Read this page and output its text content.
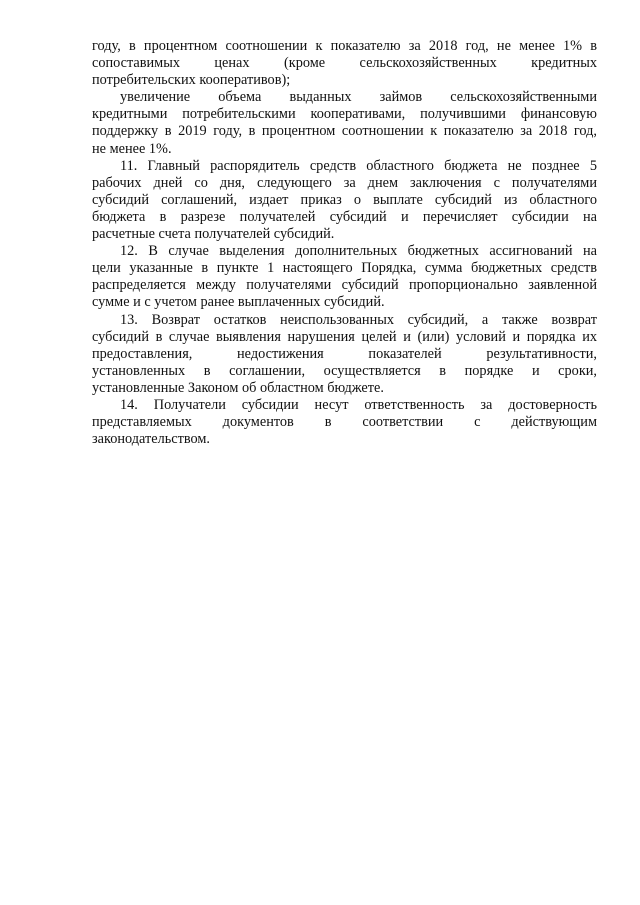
году, в процентном соотношении к показателю за 2018 год, не менее 1% в
сопоставимых ценах (кроме сельскохозяйственных кредитных
потребительских кооперативов);
увеличение объема выданных займов сельскохозяйственными
кредитными потребительскими кооперативами, получившими финансовую
поддержку в 2019 году, в процентном соотношении к показателю за 2018 год,
не менее 1%.
11. Главный распорядитель средств областного бюджета не позднее 5
рабочих дней со дня, следующего за днем заключения с получателями
субсидий соглашений, издает приказ о выплате субсидий из областного
бюджета в разрезе получателей субсидий и перечисляет субсидии на
расчетные счета получателей субсидий.
12. В случае выделения дополнительных бюджетных ассигнований на
цели указанные в пункте 1 настоящего Порядка, сумма бюджетных средств
распределяется между получателями субсидий пропорционально заявленной
сумме и с учетом ранее выплаченных субсидий.
13. Возврат остатков неиспользованных субсидий, а также возврат
субсидий в случае выявления нарушения целей и (или) условий и порядка их
предоставления, недостижения показателей результативности,
установленных в соглашении, осуществляется в порядке и сроки,
установленные Законом об областном бюджете.
14. Получатели субсидии несут ответственность за достоверность
представляемых документов в соответствии с действующим
законодательством.
